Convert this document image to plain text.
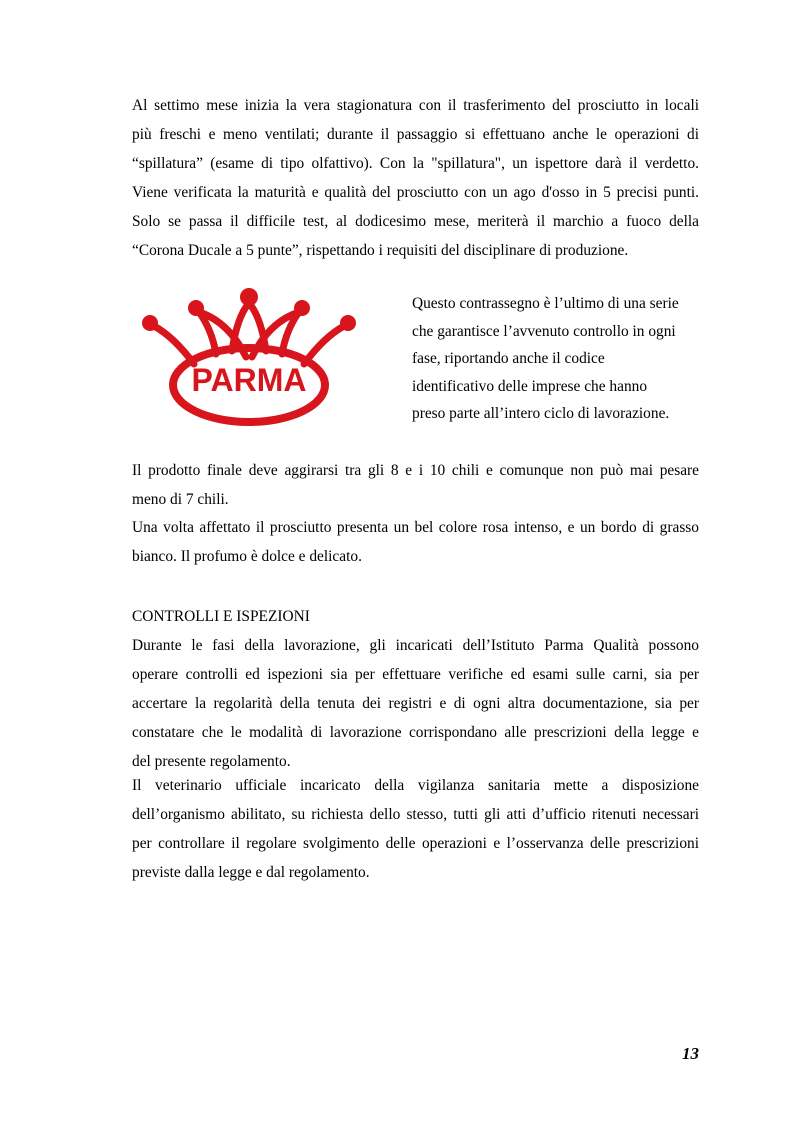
Al settimo mese inizia la vera stagionatura con il trasferimento del prosciutto in locali
più freschi e meno ventilati; durante il passaggio si effettuano anche le operazioni di
“spillatura” (esame di tipo olfattivo). Con la "spillatura", un ispettore darà il verdetto.
Viene verificata la maturità e qualità del prosciutto con un ago d'osso in 5 precisi punti.
Solo se passa il difficile test, al dodicesimo mese, meriterà il marchio a fuoco della
“Corona Ducale a 5 punte”, rispettando i requisiti del disciplinare di produzione.
PARMA
Questo contrassegno è l’ultimo di una serie
che garantisce l’avvenuto controllo in ogni
fase, riportando anche il codice
identificativo delle imprese che hanno
preso parte all’intero ciclo di lavorazione.
Il prodotto finale deve aggirarsi tra gli 8 e i 10 chili e comunque non può mai pesare
meno di 7 chili.
Una volta affettato il prosciutto presenta un bel colore rosa intenso, e un bordo di grasso
bianco. Il profumo è dolce e delicato.
CONTROLLI E ISPEZIONI
Durante le fasi della lavorazione, gli incaricati dell’Istituto Parma Qualità possono
operare controlli ed ispezioni sia per effettuare verifiche ed esami sulle carni, sia per
accertare la regolarità della tenuta dei registri e di ogni altra documentazione, sia per
constatare che le modalità di lavorazione corrispondano alle prescrizioni della legge e
del presente regolamento.
Il veterinario ufficiale incaricato della vigilanza sanitaria mette a disposizione
dell’organismo abilitato, su richiesta dello stesso, tutti gli atti d’ufficio ritenuti necessari
per controllare il regolare svolgimento delle operazioni e l’osservanza delle prescrizioni
previste dalla legge e dal regolamento.
13
